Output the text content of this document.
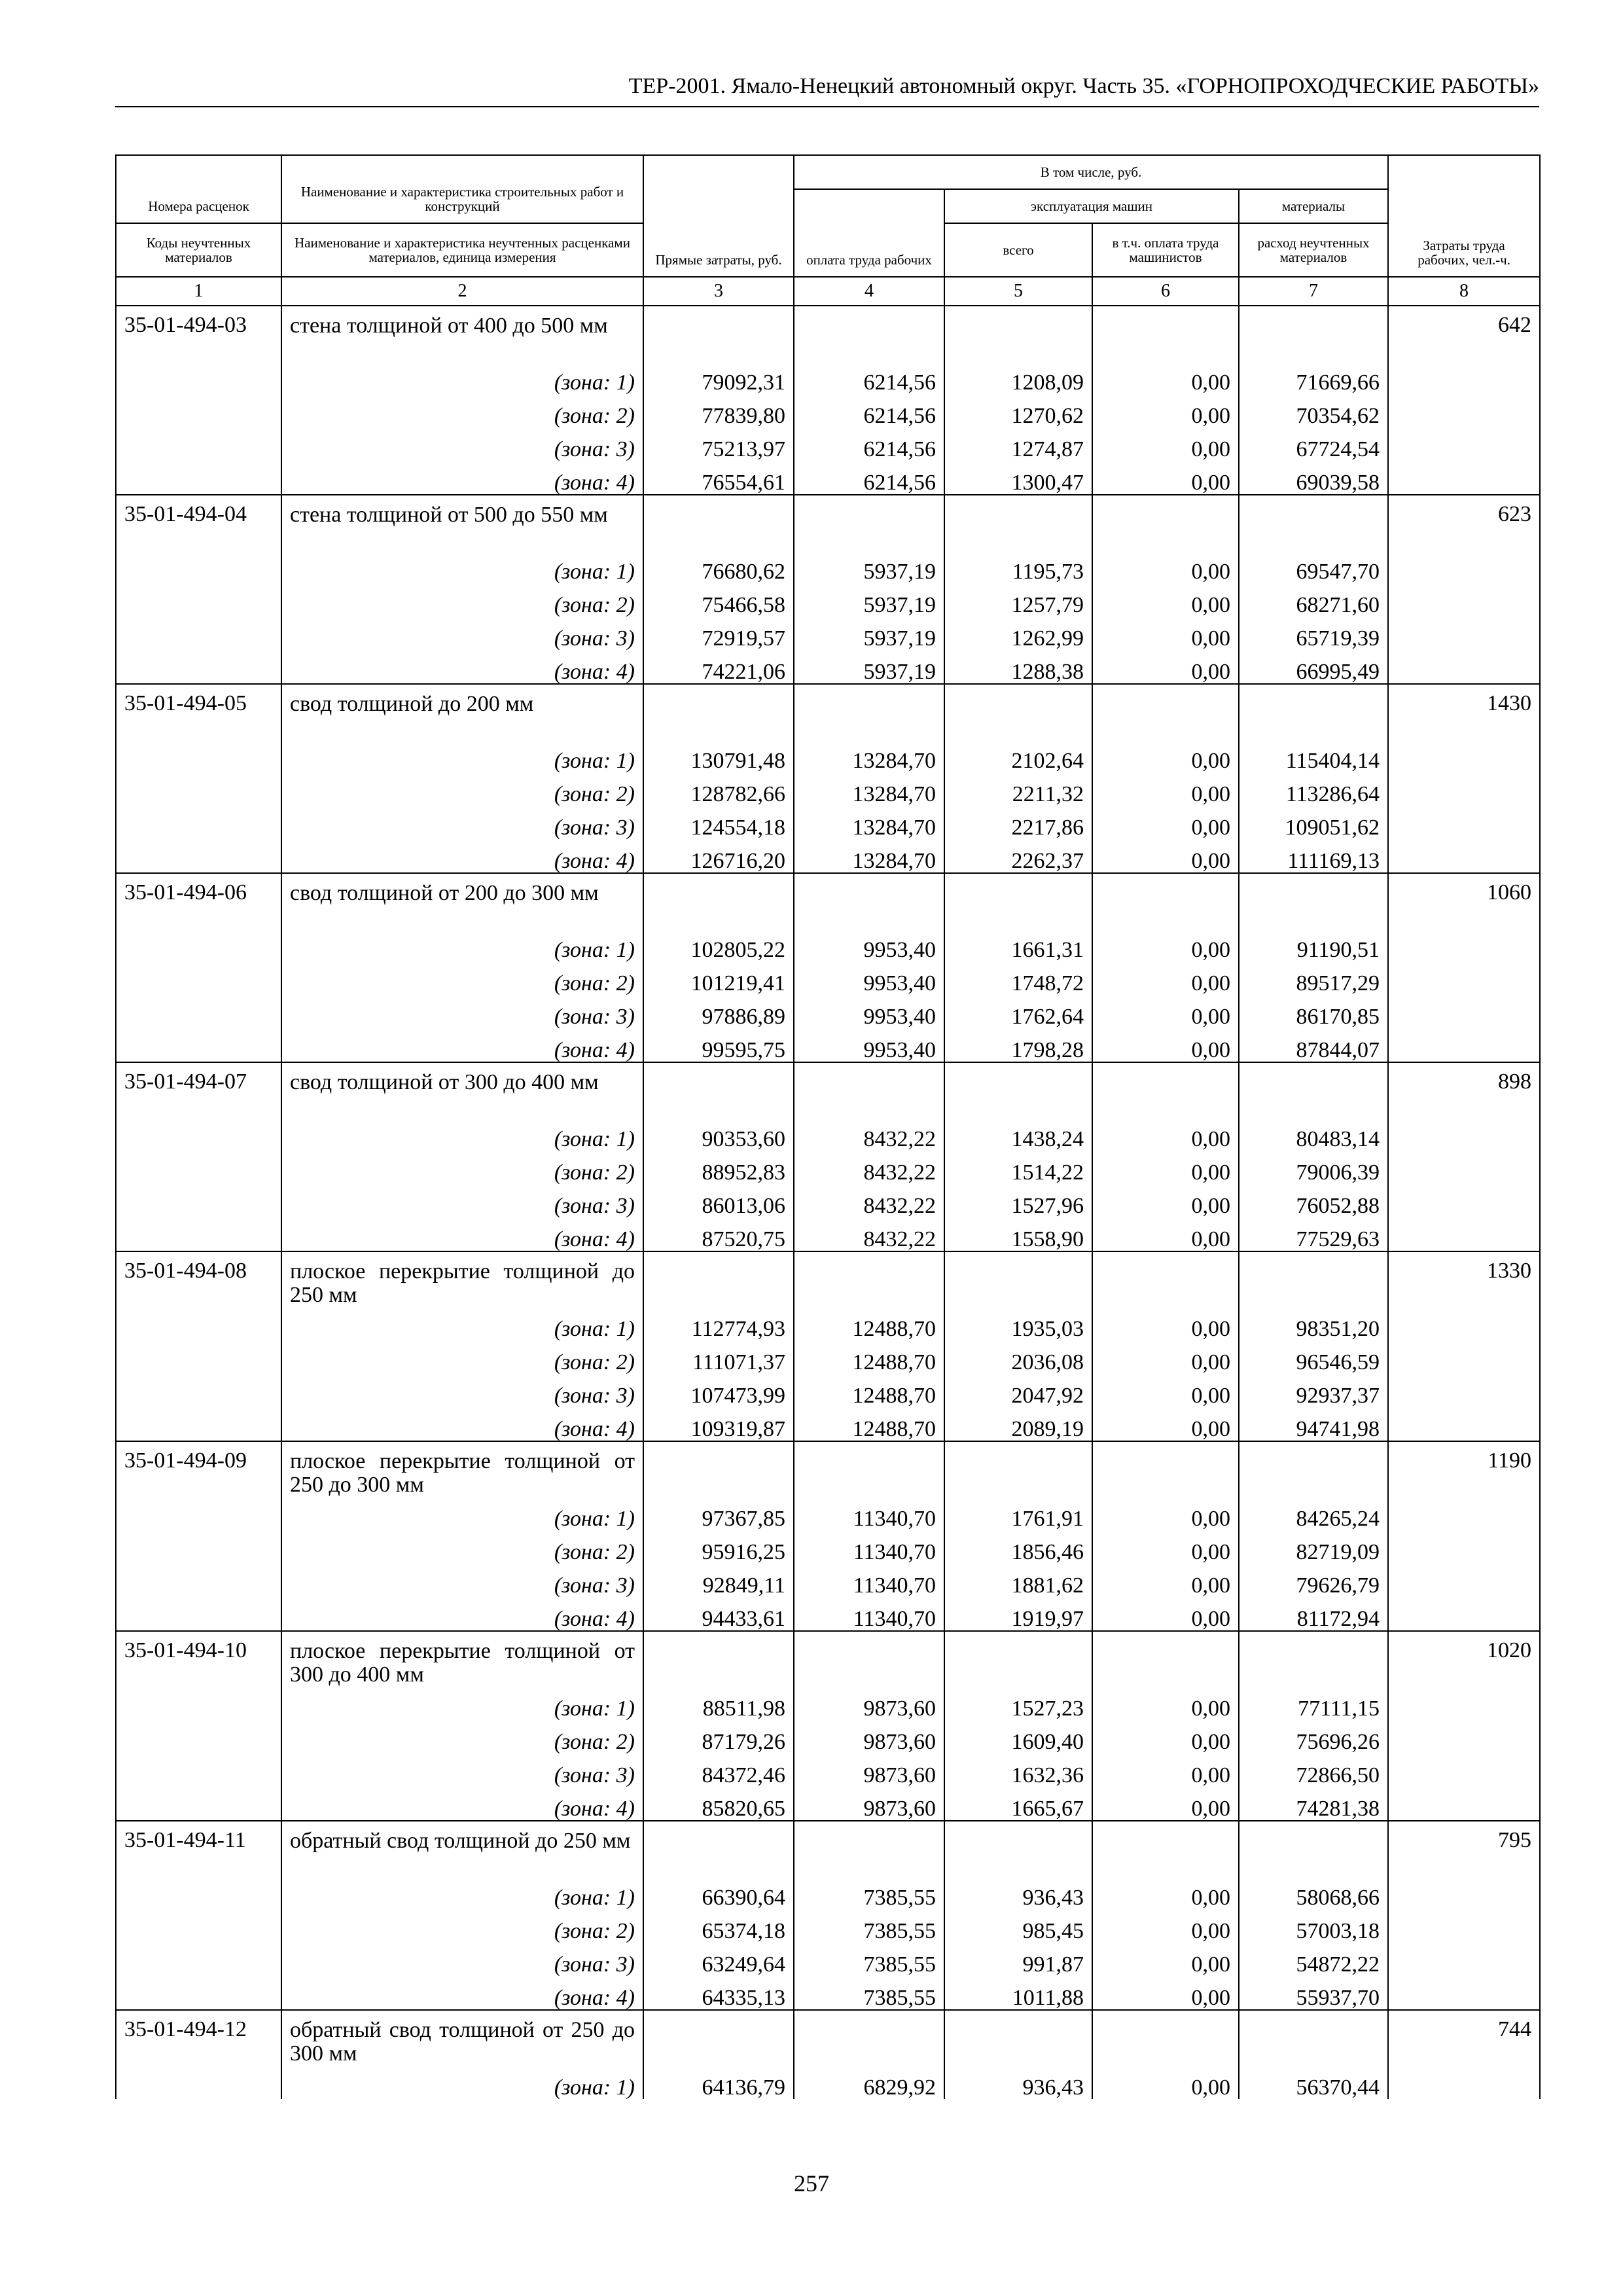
ТЕР-2001. Ямало-Ненецкий автономный округ. Часть 35. «ГОРНОПРОХОДЧЕСКИЕ РАБОТЫ»
Номера расценок	Наименование и характеристика строительных работ и конструкций	Прямые затраты, руб.	В том числе, руб.				Затраты труда рабочих, чел.-ч.
			оплата труда рабочих	эксплуатация машин		материалы	
Коды неучтенных материалов	Наименование и характеристика неучтенных расценками материалов, единица измерения			всего	в т.ч. оплата труда машинистов	расход неучтенных материалов	
1	2	3	4	5	6	7	8
35-01-494-03	стена толщиной от 400 до 500 мм						642
	(зона: 1)	79092,31	6214,56	1208,09	0,00	71669,66	
	(зона: 2)	77839,80	6214,56	1270,62	0,00	70354,62	
	(зона: 3)	75213,97	6214,56	1274,87	0,00	67724,54	
	(зона: 4)	76554,61	6214,56	1300,47	0,00	69039,58	
35-01-494-04	стена толщиной от 500 до 550 мм						623
	(зона: 1)	76680,62	5937,19	1195,73	0,00	69547,70	
	(зона: 2)	75466,58	5937,19	1257,79	0,00	68271,60	
	(зона: 3)	72919,57	5937,19	1262,99	0,00	65719,39	
	(зона: 4)	74221,06	5937,19	1288,38	0,00	66995,49	
35-01-494-05	свод толщиной до 200 мм						1430
	(зона: 1)	130791,48	13284,70	2102,64	0,00	115404,14	
	(зона: 2)	128782,66	13284,70	2211,32	0,00	113286,64	
	(зона: 3)	124554,18	13284,70	2217,86	0,00	109051,62	
	(зона: 4)	126716,20	13284,70	2262,37	0,00	111169,13	
35-01-494-06	свод толщиной от 200 до 300 мм						1060
	(зона: 1)	102805,22	9953,40	1661,31	0,00	91190,51	
	(зона: 2)	101219,41	9953,40	1748,72	0,00	89517,29	
	(зона: 3)	97886,89	9953,40	1762,64	0,00	86170,85	
	(зона: 4)	99595,75	9953,40	1798,28	0,00	87844,07	
35-01-494-07	свод толщиной от 300 до 400 мм						898
	(зона: 1)	90353,60	8432,22	1438,24	0,00	80483,14	
	(зона: 2)	88952,83	8432,22	1514,22	0,00	79006,39	
	(зона: 3)	86013,06	8432,22	1527,96	0,00	76052,88	
	(зона: 4)	87520,75	8432,22	1558,90	0,00	77529,63	
35-01-494-08	плоское перекрытие толщиной до 250 мм						1330
	(зона: 1)	112774,93	12488,70	1935,03	0,00	98351,20	
	(зона: 2)	111071,37	12488,70	2036,08	0,00	96546,59	
	(зона: 3)	107473,99	12488,70	2047,92	0,00	92937,37	
	(зона: 4)	109319,87	12488,70	2089,19	0,00	94741,98	
35-01-494-09	плоское перекрытие толщиной от 250 до 300 мм						1190
	(зона: 1)	97367,85	11340,70	1761,91	0,00	84265,24	
	(зона: 2)	95916,25	11340,70	1856,46	0,00	82719,09	
	(зона: 3)	92849,11	11340,70	1881,62	0,00	79626,79	
	(зона: 4)	94433,61	11340,70	1919,97	0,00	81172,94	
35-01-494-10	плоское перекрытие толщиной от 300 до 400 мм						1020
	(зона: 1)	88511,98	9873,60	1527,23	0,00	77111,15	
	(зона: 2)	87179,26	9873,60	1609,40	0,00	75696,26	
	(зона: 3)	84372,46	9873,60	1632,36	0,00	72866,50	
	(зона: 4)	85820,65	9873,60	1665,67	0,00	74281,38	
35-01-494-11	обратный свод толщиной до 250 мм						795
	(зона: 1)	66390,64	7385,55	936,43	0,00	58068,66	
	(зона: 2)	65374,18	7385,55	985,45	0,00	57003,18	
	(зона: 3)	63249,64	7385,55	991,87	0,00	54872,22	
	(зона: 4)	64335,13	7385,55	1011,88	0,00	55937,70	
35-01-494-12	обратный свод толщиной от 250 до 300 мм						744
	(зона: 1)	64136,79	6829,92	936,43	0,00	56370,44	
257
